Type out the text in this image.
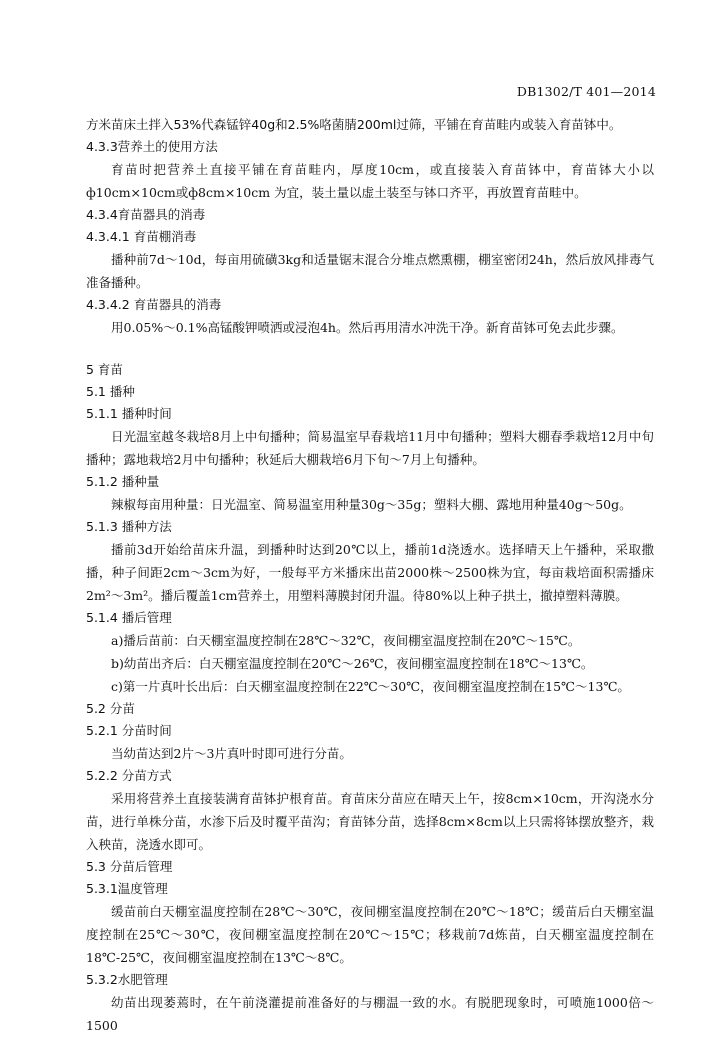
DB1302/T 401—2014
方米苗床土拌入53%代森锰锌40g和2.5%咯菌腈200ml过筛，平铺在育苗畦内或装入育苗钵中。
4.3.3营养土的使用方法
育苗时把营养土直接平铺在育苗畦内，厚度10cm，或直接装入育苗钵中，育苗钵大小以ф10cm×10cm或ф8cm×10cm 为宜，装土量以虚土装至与钵口齐平，再放置育苗畦中。
4.3.4育苗器具的消毒
4.3.4.1 育苗棚消毒
播种前7d～10d，每亩用硫磺3kg和适量锯末混合分堆点燃熏棚，棚室密闭24h，然后放风排毒气准备播种。
4.3.4.2 育苗器具的消毒
用0.05%～0.1%高锰酸钾喷洒或浸泡4h。然后再用清水冲洗干净。新育苗钵可免去此步骤。
5 育苗
5.1 播种
5.1.1 播种时间
日光温室越冬栽培8月上中旬播种；简易温室早春栽培11月中旬播种；塑料大棚春季栽培12月中旬播种；露地栽培2月中旬播种；秋延后大棚栽培6月下旬～7月上旬播种。
5.1.2 播种量
辣椒每亩用种量：日光温室、简易温室用种量30g～35g；塑料大棚、露地用种量40g～50g。
5.1.3 播种方法
播前3d开始给苗床升温，到播种时达到20℃以上，播前1d浇透水。选择晴天上午播种，采取撒播，种子间距2cm～3cm为好，一般每平方米播床出苗2000株～2500株为宜，每亩栽培面积需播床2m²～3m²。播后覆盖1cm营养土，用塑料薄膜封闭升温。待80%以上种子拱土，撤掉塑料薄膜。
5.1.4 播后管理
a)播后苗前：白天棚室温度控制在28℃～32℃，夜间棚室温度控制在20℃～15℃。
b)幼苗出齐后：白天棚室温度控制在20℃～26℃，夜间棚室温度控制在18℃～13℃。
c)第一片真叶长出后：白天棚室温度控制在22℃～30℃，夜间棚室温度控制在15℃～13℃。
5.2 分苗
5.2.1 分苗时间
当幼苗达到2片～3片真叶时即可进行分苗。
5.2.2 分苗方式
采用将营养土直接装满育苗钵护根育苗。育苗床分苗应在晴天上午，按8cm×10cm，开沟浇水分苗，进行单株分苗，水渗下后及时覆平苗沟；育苗钵分苗，选择8cm×8cm以上只需将钵摆放整齐，栽入秧苗，浇透水即可。
5.3 分苗后管理
5.3.1温度管理
缓苗前白天棚室温度控制在28℃～30℃，夜间棚室温度控制在20℃～18℃；缓苗后白天棚室温度控制在25℃～30℃，夜间棚室温度控制在20℃～15℃；移栽前7d炼苗，白天棚室温度控制在18℃-25℃，夜间棚室温度控制在13℃～8℃。
5.3.2水肥管理
幼苗出现萎蔫时，在午前浇灌提前准备好的与棚温一致的水。有脱肥现象时，可喷施1000倍～1500
